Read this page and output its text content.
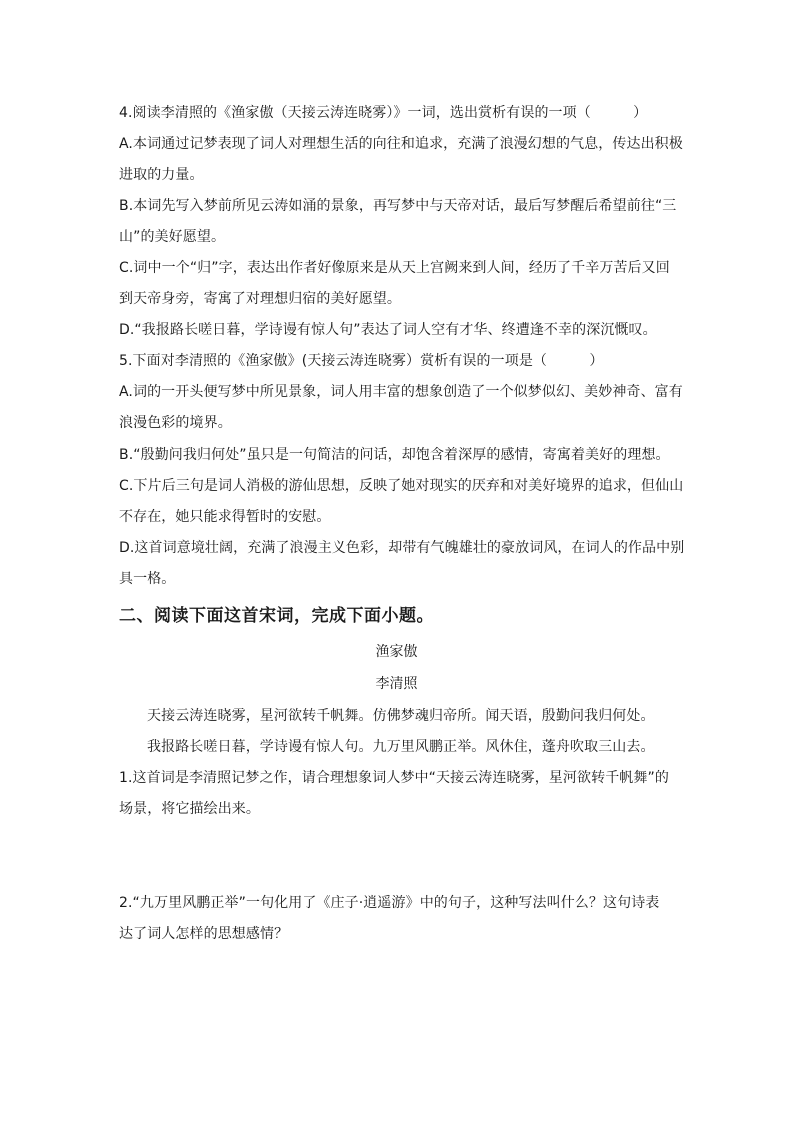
4.阅读李清照的《渔家傲（天接云涛连晓雾）》一词，选出赏析有误的一项（　　　）
A.本词通过记梦表现了词人对理想生活的向往和追求，充满了浪漫幻想的气息，传达出积极
进取的力量。
B.本词先写入梦前所见云涛如涌的景象，再写梦中与天帝对话，最后写梦醒后希望前往“三
山”的美好愿望。
C.词中一个“归”字，表达出作者好像原来是从天上宫阙来到人间，经历了千辛万苦后又回
到天帝身旁，寄寓了对理想归宿的美好愿望。
D.“我报路长嗟日暮，学诗谩有惊人句”表达了词人空有才华、终遭逢不幸的深沉慨叹。
5.下面对李清照的《渔家傲》(天接云涛连晓雾）赏析有误的一项是（　　　）
A.词的一开头便写梦中所见景象，词人用丰富的想象创造了一个似梦似幻、美妙神奇、富有
浪漫色彩的境界。
B.“殷勤问我归何处”虽只是一句简洁的问话，却饱含着深厚的感情，寄寓着美好的理想。
C.下片后三句是词人消极的游仙思想，反映了她对现实的厌弃和对美好境界的追求，但仙山
不存在，她只能求得暂时的安慰。
D.这首词意境壮阔，充满了浪漫主义色彩，却带有气魄雄壮的豪放词风，在词人的作品中别
具一格。
二、阅读下面这首宋词，完成下面小题。
渔家傲
李清照
天接云涛连晓雾，星河欲转千帆舞。仿佛梦魂归帝所。闻天语，殷勤问我归何处。
我报路长嗟日暮，学诗谩有惊人句。九万里风鹏正举。风休住，蓬舟吹取三山去。
1.这首词是李清照记梦之作，请合理想象词人梦中“天接云涛连晓雾，星河欲转千帆舞”的
场景，将它描绘出来。
2.“九万里风鹏正举”一句化用了《庄子·逍遥游》中的句子，这种写法叫什么？这句诗表
达了词人怎样的思想感情？
